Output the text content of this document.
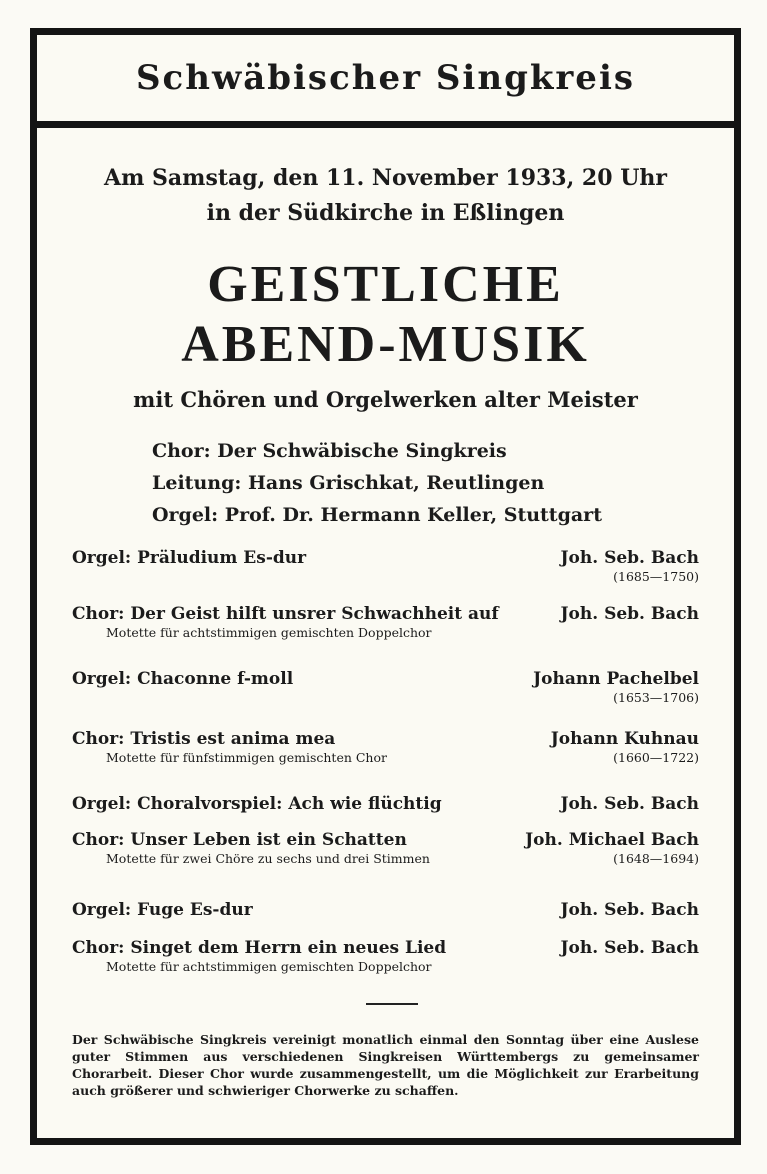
Schwäbischer Singkreis
Am Samstag, den 11. November 1933, 20 Uhr
in der Südkirche in Eßlingen
GEISTLICHE
ABEND-MUSIK
mit Chören und Orgelwerken alter Meister
Chor: Der Schwäbische Singkreis
Leitung: Hans Grischkat, Reutlingen
Orgel: Prof. Dr. Hermann Keller, Stuttgart
Orgel: Präludium Es-dur	Joh. Seb. Bach
(1685—1750)
Chor: Der Geist hilft unsrer Schwachheit auf	Joh. Seb. Bach
Motette für achtstimmigen gemischten Doppelchor
Orgel: Chaconne f-moll	Johann Pachelbel
(1653—1706)
Chor: Tristis est anima mea	Johann Kuhnau
Motette für fünfstimmigen gemischten Chor	(1660—1722)
Orgel: Choralvorspiel: Ach wie flüchtig	Joh. Seb. Bach
Chor: Unser Leben ist ein Schatten	Joh. Michael Bach
Motette für zwei Chöre zu sechs und drei Stimmen	(1648—1694)
Orgel: Fuge Es-dur	Joh. Seb. Bach
Chor: Singet dem Herrn ein neues Lied	Joh. Seb. Bach
Motette für achtstimmigen gemischten Doppelchor
Der Schwäbische Singkreis vereinigt monatlich einmal den Sonntag über eine Auslese guter Stimmen aus verschiedenen Singkreisen Württembergs zu gemeinsamer Chorarbeit. Dieser Chor wurde zusammengestellt, um die Möglichkeit zur Erarbeitung auch größerer und schwieriger Chorwerke zu schaffen.
